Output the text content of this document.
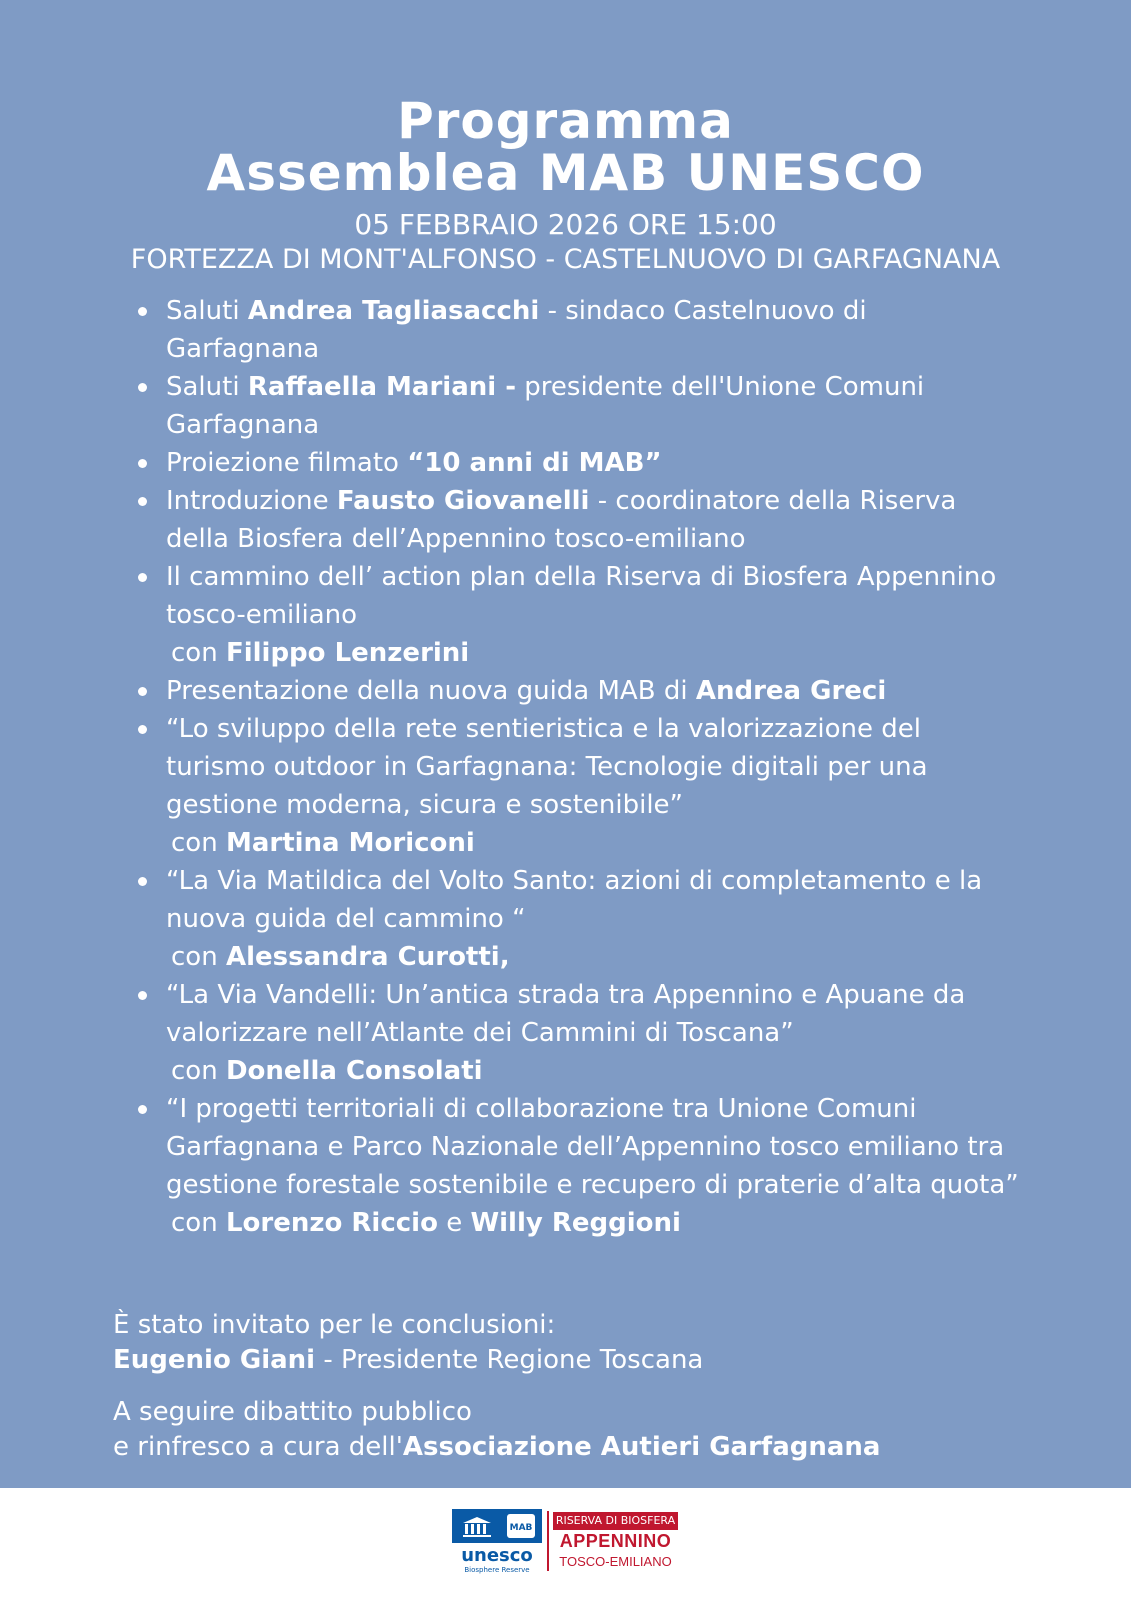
Programma
Assemblea MAB UNESCO
05 FEBBRAIO 2026 ORE 15:00
FORTEZZA DI MONT'ALFONSO - CASTELNUOVO DI GARFAGNANA
Saluti Andrea Tagliasacchi - sindaco Castelnuovo di Garfagnana
Saluti Raffaella Mariani - presidente dell'Unione Comuni Garfagnana
Proiezione filmato “10 anni di MAB”
Introduzione Fausto Giovanelli - coordinatore della Riserva della Biosfera dell’Appennino tosco-emiliano
Il cammino dell’ action plan della Riserva di Biosfera Appennino tosco-emiliano
con Filippo Lenzerini
Presentazione della nuova guida MAB di Andrea Greci
“Lo sviluppo della rete sentieristica e la valorizzazione del turismo outdoor in Garfagnana: Tecnologie digitali per una gestione moderna, sicura e sostenibile”
con Martina Moriconi
“La Via Matildica del Volto Santo: azioni di completamento e la nuova guida del cammino “
con Alessandra Curotti,
“La Via Vandelli: Un’antica strada tra Appennino e Apuane da valorizzare nell’Atlante dei Cammini di Toscana”
con Donella Consolati
“I progetti territoriali di collaborazione tra Unione Comuni Garfagnana e Parco Nazionale dell’Appennino tosco emiliano tra gestione forestale sostenibile e recupero di praterie d’alta quota”
con Lorenzo Riccio e Willy Reggioni
È stato invitato per le conclusioni:
Eugenio Giani - Presidente Regione Toscana
A seguire dibattito pubblico
e rinfresco a cura dell'Associazione Autieri Garfagnana
MAB
unesco
Biosphere Reserve
RISERVA DI BIOSFERA
APPENNINO
TOSCO-EMILIANO
